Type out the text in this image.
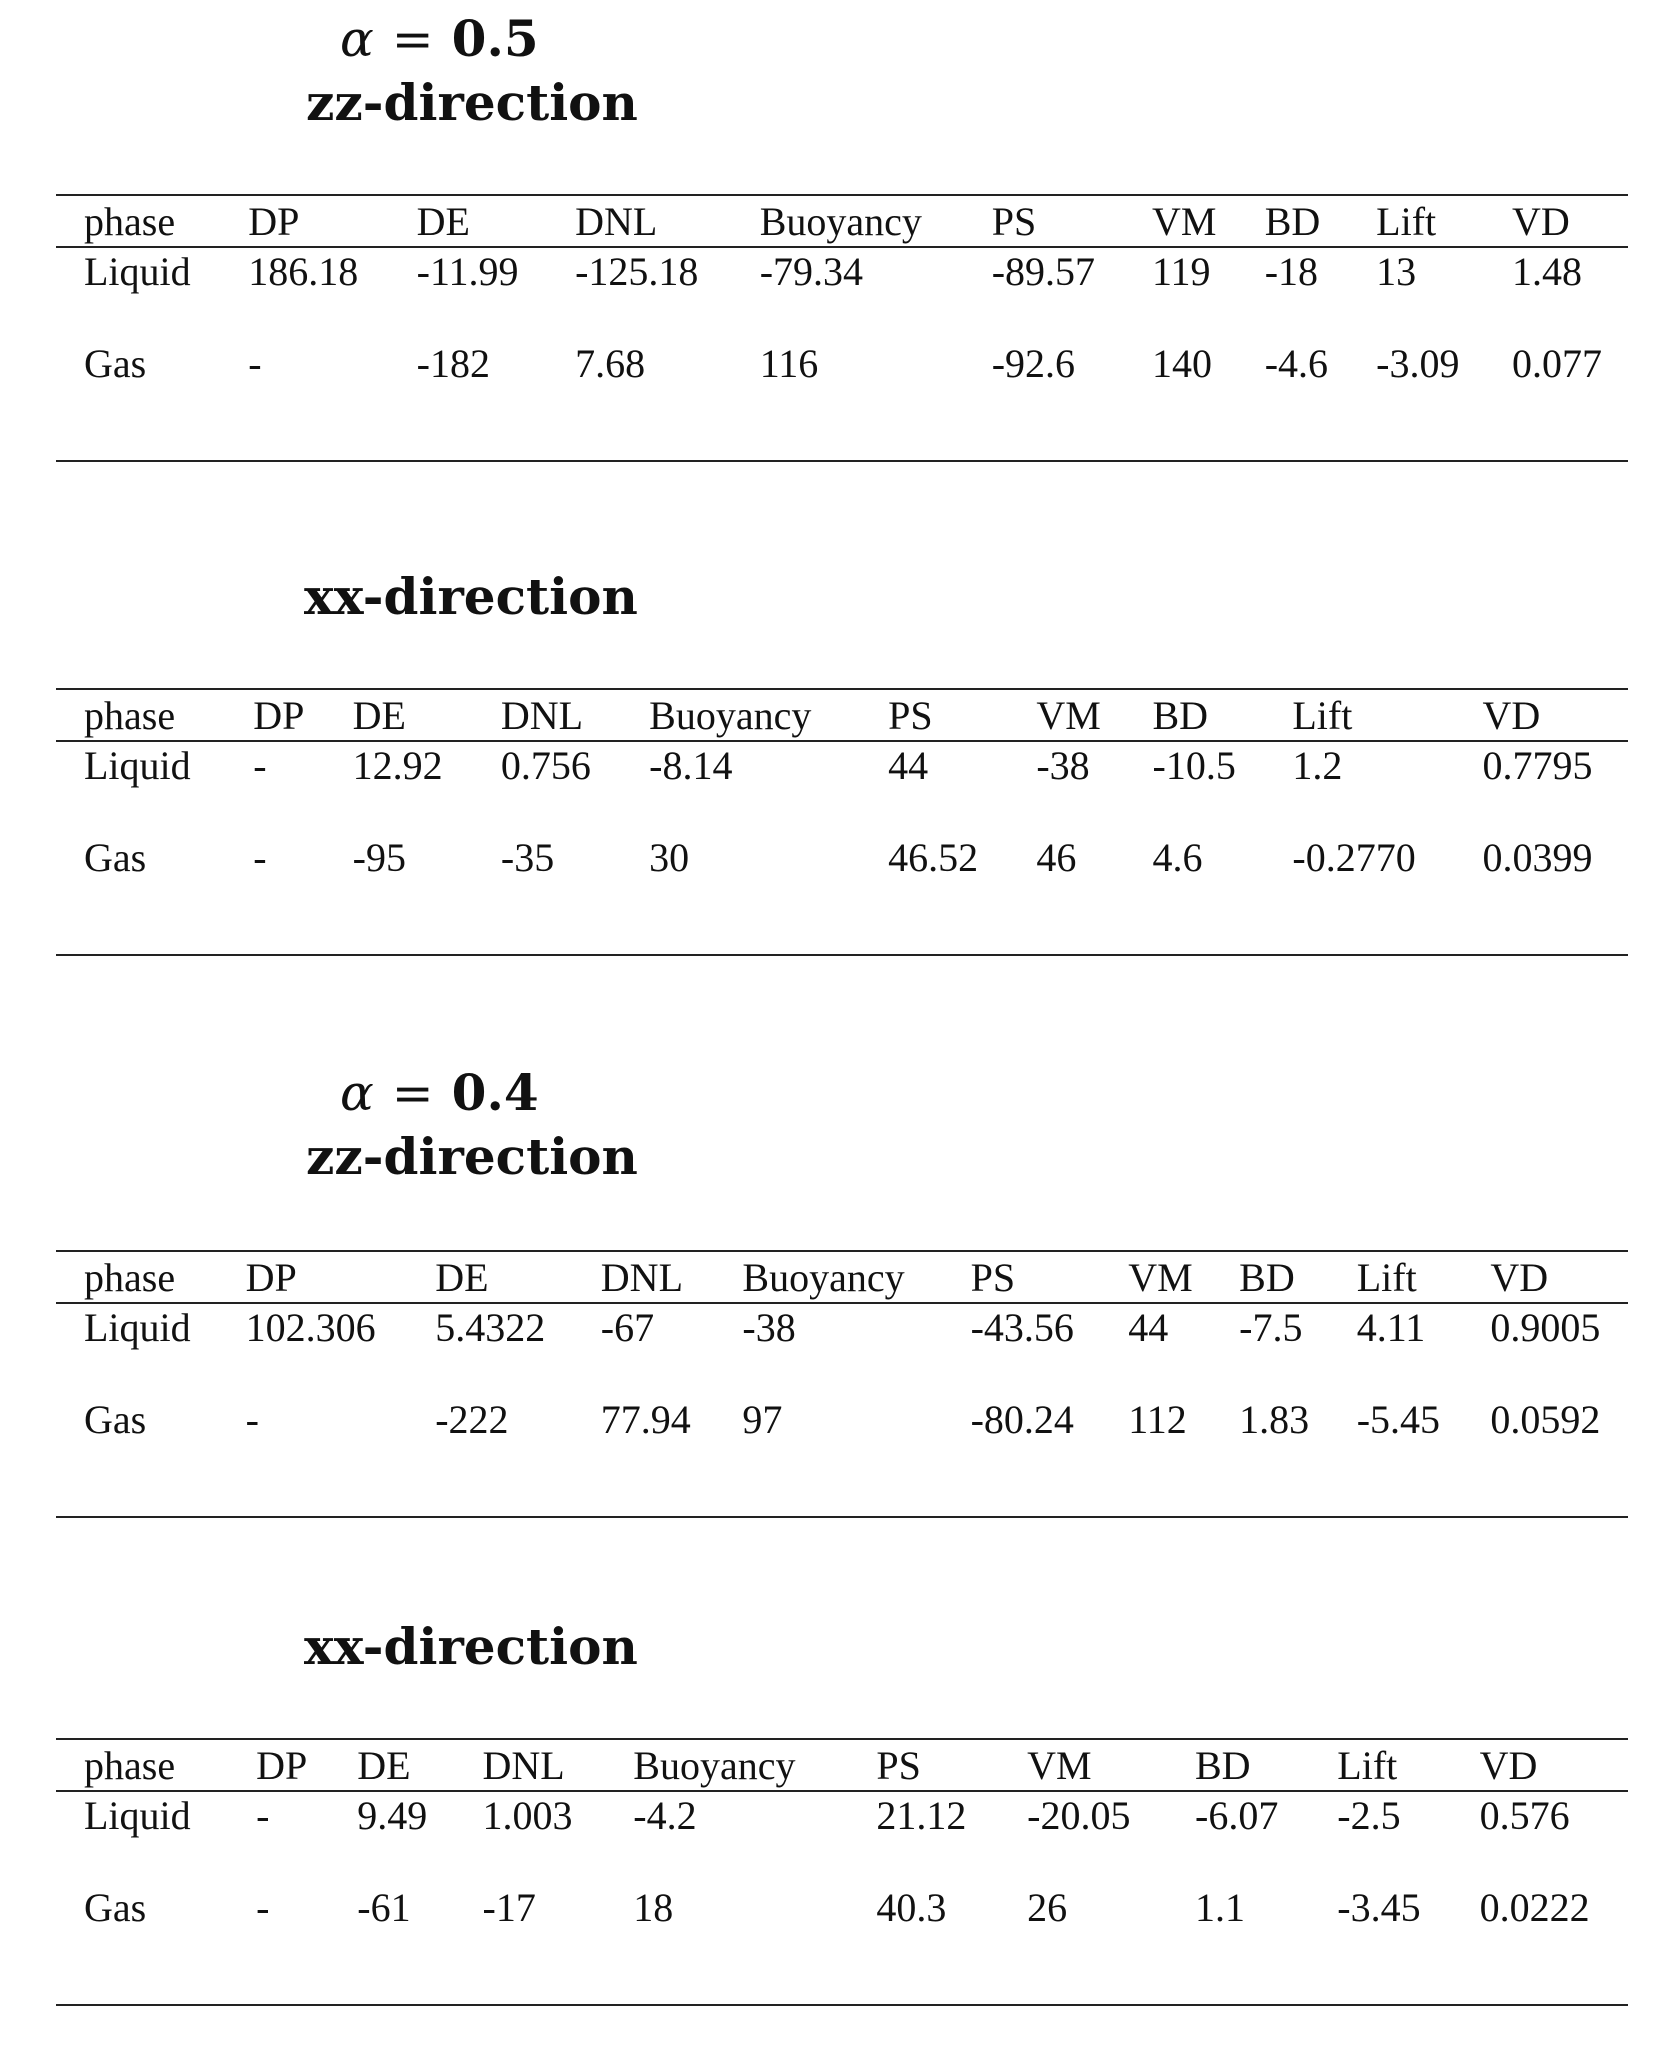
α = 0.5
zz-direction
phase	DP	DE	DNL	Buoyancy	PS	VM	BD	Lift	VD
Liquid	186.18	-11.99	-125.18	-79.34	-89.57	119	-18	13	1.48
Gas	-	-182	7.68	116	-92.6	140	-4.6	-3.09	0.077
xx-direction
phase	DP	DE	DNL	Buoyancy	PS	VM	BD	Lift	VD
Liquid	-	12.92	0.756	-8.14	44	-38	-10.5	1.2	0.7795
Gas	-	-95	-35	30	46.52	46	4.6	-0.2770	0.0399
α = 0.4
zz-direction
phase	DP	DE	DNL	Buoyancy	PS	VM	BD	Lift	VD
Liquid	102.306	5.4322	-67	-38	-43.56	44	-7.5	4.11	0.9005
Gas	-	-222	77.94	97	-80.24	112	1.83	-5.45	0.0592
xx-direction
phase	DP	DE	DNL	Buoyancy	PS	VM	BD	Lift	VD
Liquid	-	9.49	1.003	-4.2	21.12	-20.05	-6.07	-2.5	0.576
Gas	-	-61	-17	18	40.3	26	1.1	-3.45	0.0222
